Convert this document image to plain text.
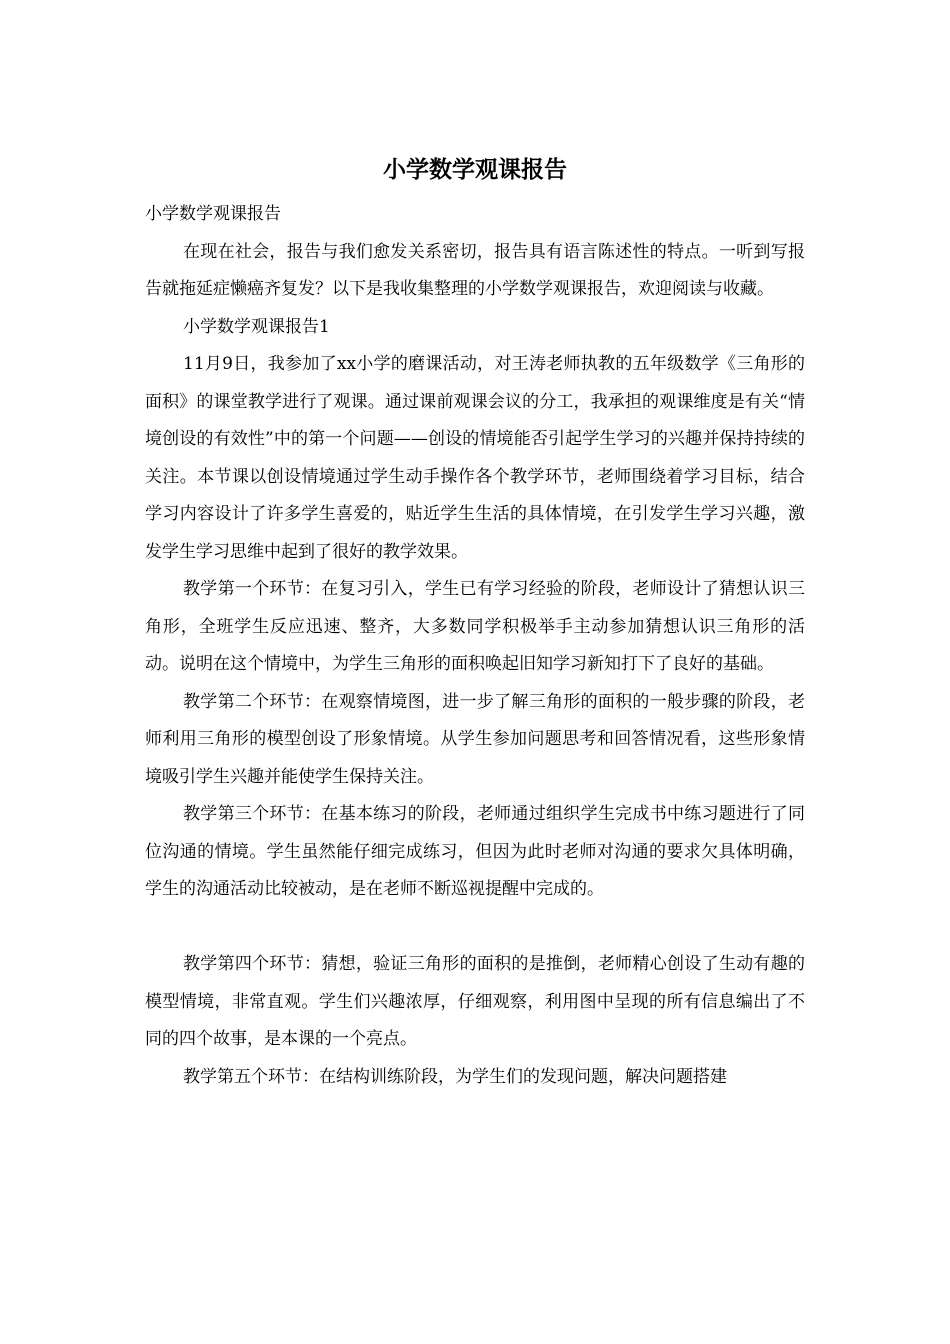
小学数学观课报告

小学数学观课报告

在现在社会，报告与我们愈发关系密切，报告具有语言陈述性的特点。一听到写报告就拖延症懒癌齐复发？以下是我收集整理的小学数学观课报告，欢迎阅读与收藏。

小学数学观课报告1

11月9日，我参加了xx小学的磨课活动，对王涛老师执教的五年级数学《三角形的面积》的课堂教学进行了观课。通过课前观课会议的分工，我承担的观课维度是有关“情境创设的有效性”中的第一个问题——创设的情境能否引起学生学习的兴趣并保持持续的关注。本节课以创设情境通过学生动手操作各个教学环节，老师围绕着学习目标，结合学习内容设计了许多学生喜爱的，贴近学生生活的具体情境，在引发学生学习兴趣，激发学生学习思维中起到了很好的教学效果。

教学第一个环节：在复习引入，学生已有学习经验的阶段，老师设计了猜想认识三角形，全班学生反应迅速、整齐，大多数同学积极举手主动参加猜想认识三角形的活动。说明在这个情境中，为学生三角形的面积唤起旧知学习新知打下了良好的基础。

教学第二个环节：在观察情境图，进一步了解三角形的面积的一般步骤的阶段，老师利用三角形的模型创设了形象情境。从学生参加问题思考和回答情况看，这些形象情境吸引学生兴趣并能使学生保持关注。

教学第三个环节：在基本练习的阶段，老师通过组织学生完成书中练习题进行了同位沟通的情境。学生虽然能仔细完成练习，但因为此时老师对沟通的要求欠具体明确，学生的沟通活动比较被动，是在老师不断巡视提醒中完成的。

教学第四个环节：猜想，验证三角形的面积的是推倒，老师精心创设了生动有趣的模型情境，非常直观。学生们兴趣浓厚，仔细观察，利用图中呈现的所有信息编出了不同的四个故事，是本课的一个亮点。

教学第五个环节：在结构训练阶段，为学生们的发现问题，解决问题搭建
